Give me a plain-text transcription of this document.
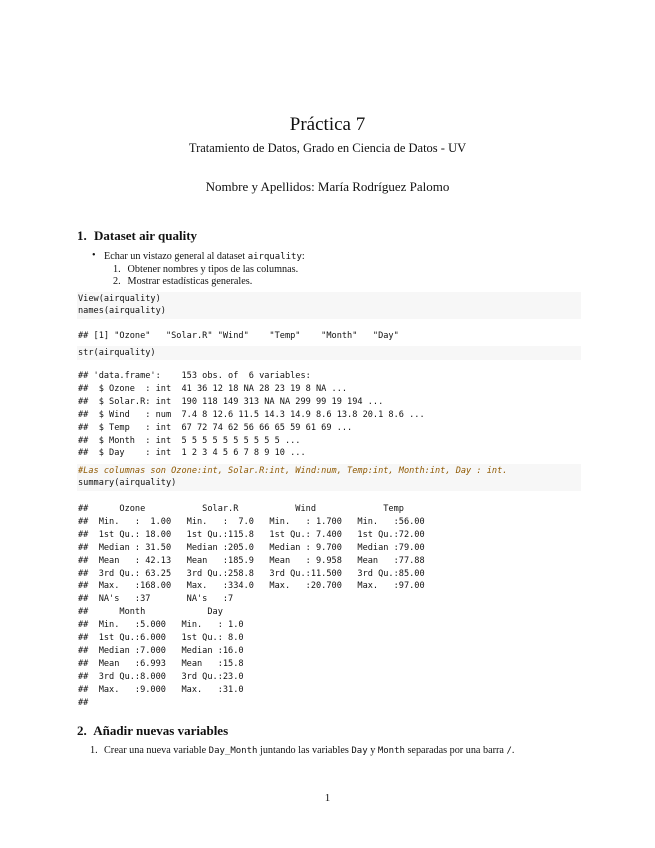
Práctica 7
Tratamiento de Datos, Grado en Ciencia de Datos - UV
Nombre y Apellidos: María Rodríguez Palomo
1. Dataset air quality
• Echar un vistazo general al dataset airquality:
1. Obtener nombres y tipos de las columnas.
2. Mostrar estadísticas generales.
View(airquality)
names(airquality)
## [1] "Ozone"   "Solar.R" "Wind"    "Temp"    "Month"   "Day"
str(airquality)
## 'data.frame':    153 obs. of  6 variables:
##  $ Ozone  : int  41 36 12 18 NA 28 23 19 8 NA ...
##  $ Solar.R: int  190 118 149 313 NA NA 299 99 19 194 ...
##  $ Wind   : num  7.4 8 12.6 11.5 14.3 14.9 8.6 13.8 20.1 8.6 ...
##  $ Temp   : int  67 72 74 62 56 66 65 59 61 69 ...
##  $ Month  : int  5 5 5 5 5 5 5 5 5 5 ...
##  $ Day    : int  1 2 3 4 5 6 7 8 9 10 ...
#Las columnas son Ozone:int, Solar.R:int, Wind:num, Temp:int, Month:int, Day : int.
summary(airquality)
##      Ozone           Solar.R           Wind             Temp
##  Min.   :  1.00   Min.   :  7.0   Min.   : 1.700   Min.   :56.00
##  1st Qu.: 18.00   1st Qu.:115.8   1st Qu.: 7.400   1st Qu.:72.00
##  Median : 31.50   Median :205.0   Median : 9.700   Median :79.00
##  Mean   : 42.13   Mean   :185.9   Mean   : 9.958   Mean   :77.88
##  3rd Qu.: 63.25   3rd Qu.:258.8   3rd Qu.:11.500   3rd Qu.:85.00
##  Max.   :168.00   Max.   :334.0   Max.   :20.700   Max.   :97.00
##  NA's   :37       NA's   :7
##      Month            Day
##  Min.   :5.000   Min.   : 1.0
##  1st Qu.:6.000   1st Qu.: 8.0
##  Median :7.000   Median :16.0
##  Mean   :6.993   Mean   :15.8
##  3rd Qu.:8.000   3rd Qu.:23.0
##  Max.   :9.000   Max.   :31.0
##
2. Añadir nuevas variables
1. Crear una nueva variable Day_Month juntando las variables Day y Month separadas por una barra /.
1
